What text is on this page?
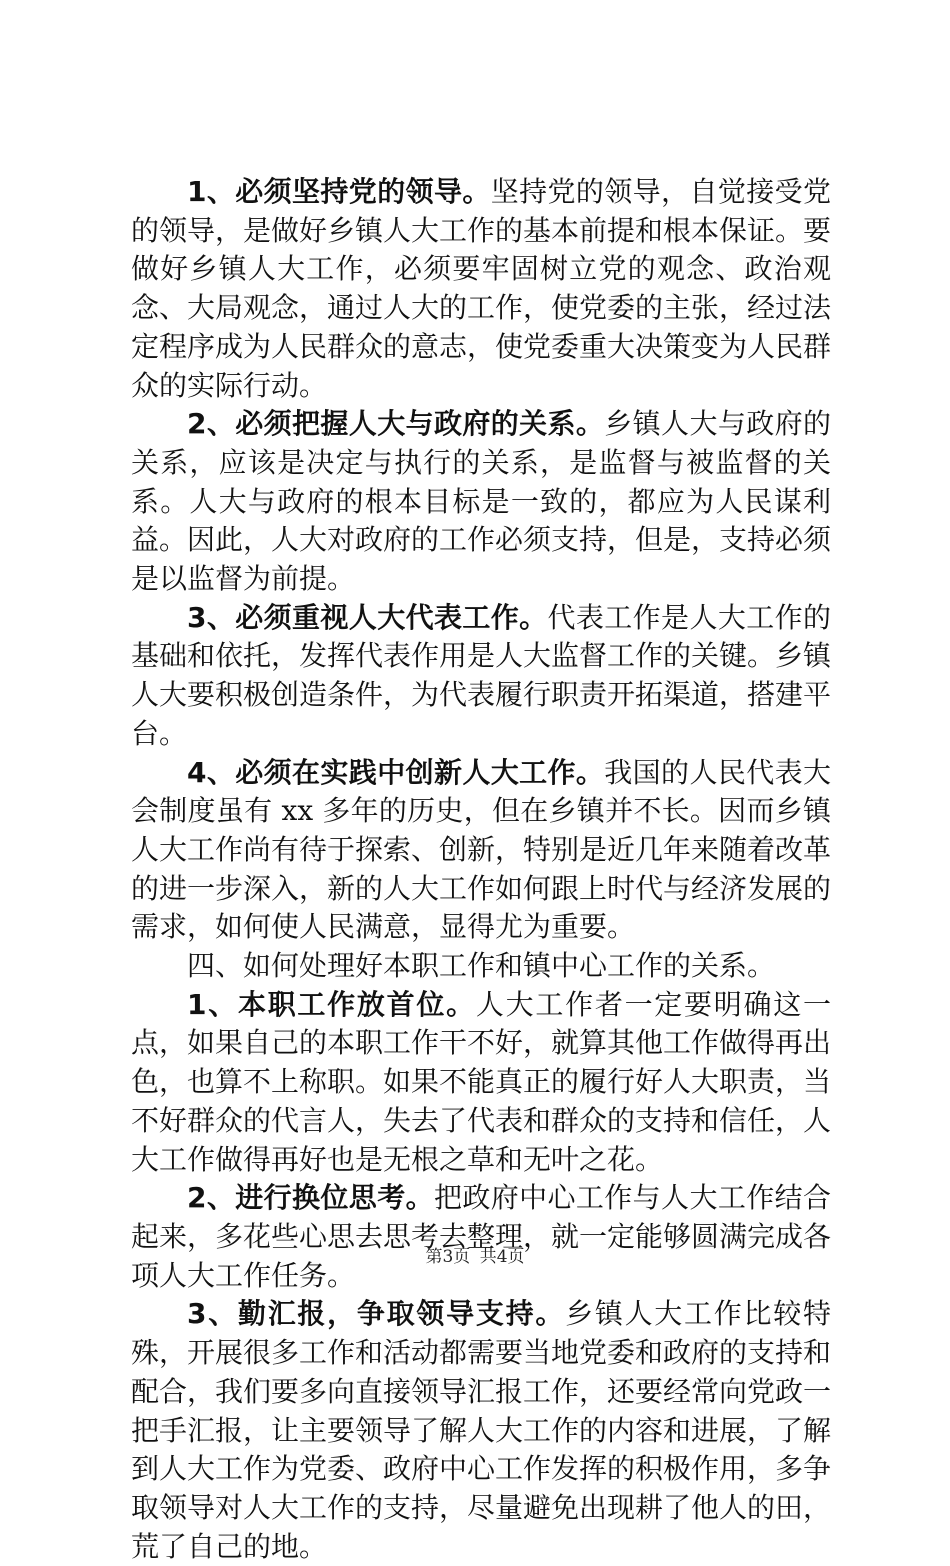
1、必须坚持党的领导。坚持党的领导，自觉接受党的领导，是做好乡镇人大工作的基本前提和根本保证。要做好乡镇人大工作，必须要牢固树立党的观念、政治观念、大局观念，通过人大的工作，使党委的主张，经过法定程序成为人民群众的意志，使党委重大决策变为人民群众的实际行动。

2、必须把握人大与政府的关系。乡镇人大与政府的关系，应该是决定与执行的关系，是监督与被监督的关系。人大与政府的根本目标是一致的，都应为人民谋利益。因此，人大对政府的工作必须支持，但是，支持必须是以监督为前提。

3、必须重视人大代表工作。代表工作是人大工作的基础和依托，发挥代表作用是人大监督工作的关键。乡镇人大要积极创造条件，为代表履行职责开拓渠道，搭建平台。

4、必须在实践中创新人大工作。我国的人民代表大会制度虽有 xx 多年的历史，但在乡镇并不长。因而乡镇人大工作尚有待于探索、创新，特别是近几年来随着改革的进一步深入，新的人大工作如何跟上时代与经济发展的需求，如何使人民满意，显得尤为重要。

四、如何处理好本职工作和镇中心工作的关系。

1、本职工作放首位。人大工作者一定要明确这一点，如果自己的本职工作干不好，就算其他工作做得再出色，也算不上称职。如果不能真正的履行好人大职责，当不好群众的代言人，失去了代表和群众的支持和信任，人大工作做得再好也是无根之草和无叶之花。

2、进行换位思考。把政府中心工作与人大工作结合起来，多花些心思去思考去整理，就一定能够圆满完成各项人大工作任务。

3、勤汇报，争取领导支持。乡镇人大工作比较特殊，开展很多工作和活动都需要当地党委和政府的支持和配合，我们要多向直接领导汇报工作，还要经常向党政一把手汇报，让主要领导了解人大工作的内容和进展，了解到人大工作为党委、政府中心工作发挥的积极作用，多争取领导对人大工作的支持，尽量避免出现耕了他人的田，荒了自己的地。

第3页 共4页
